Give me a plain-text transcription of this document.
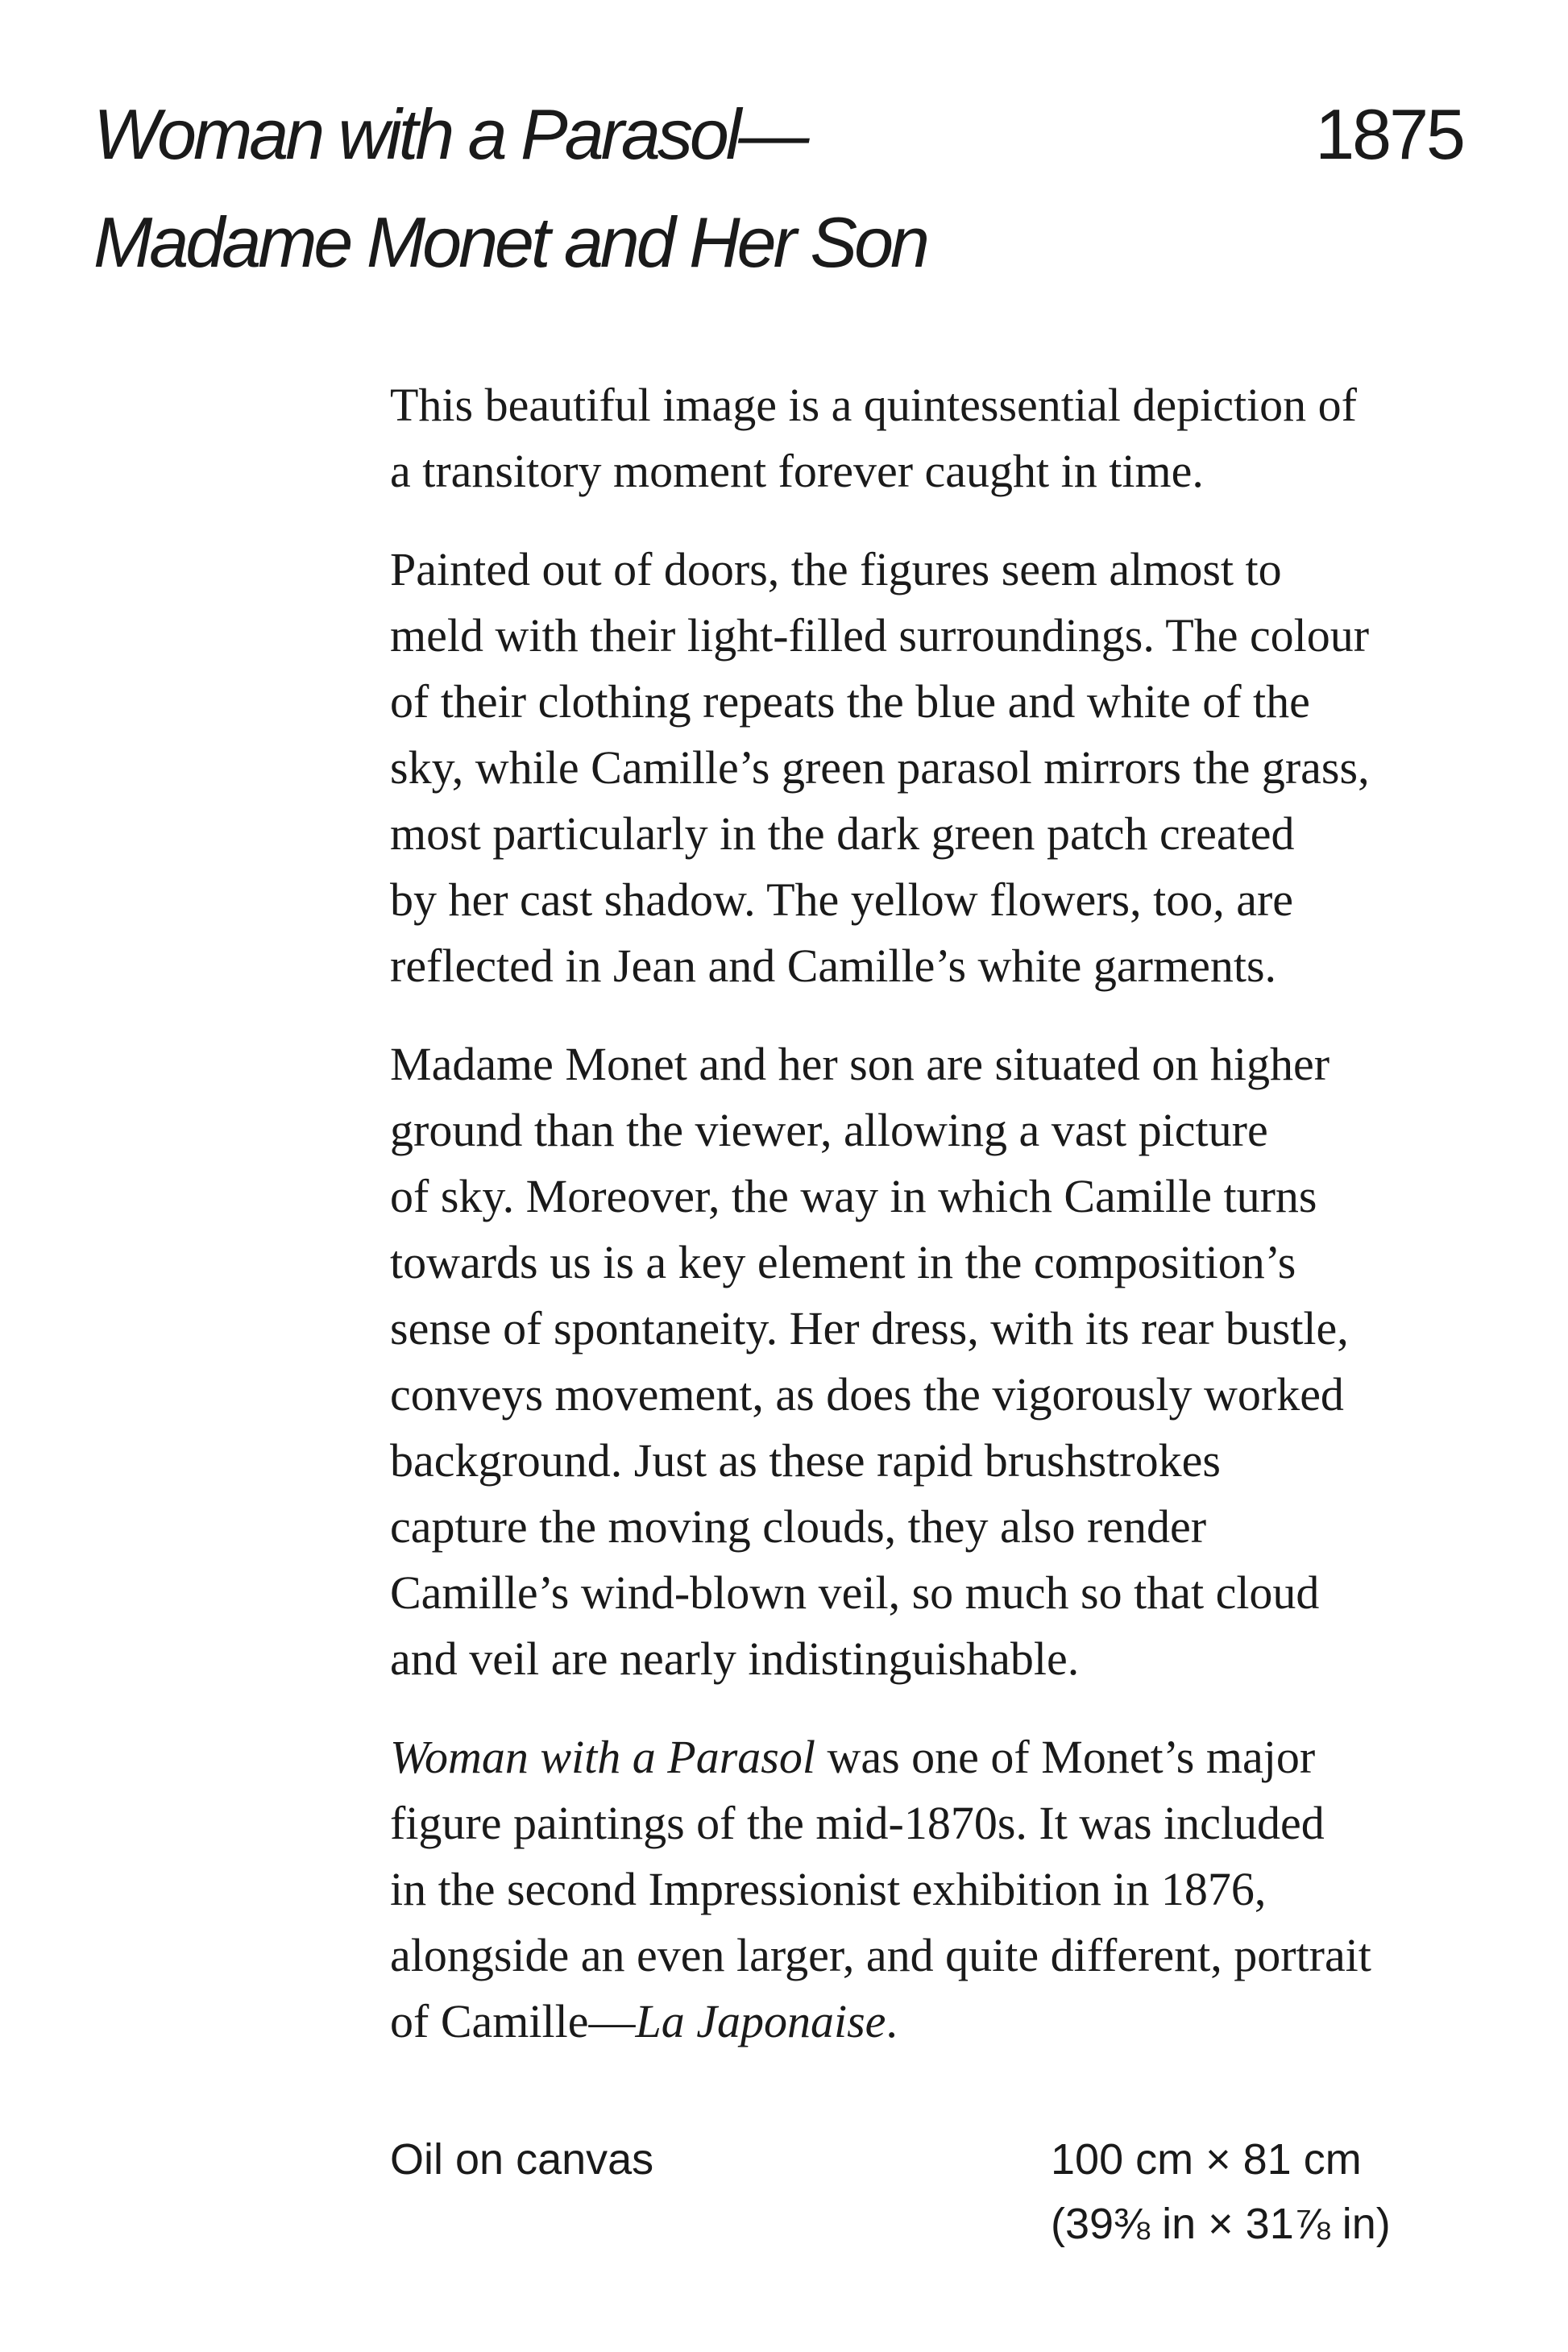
Woman with a Parasol—
Madame Monet and Her Son
1875

This beautiful image is a quintessential depiction of
a transitory moment forever caught in time.

Painted out of doors, the figures seem almost to
meld with their light-filled surroundings. The colour
of their clothing repeats the blue and white of the
sky, while Camille’s green parasol mirrors the grass,
most particularly in the dark green patch created
by her cast shadow. The yellow flowers, too, are
reflected in Jean and Camille’s white garments.

Madame Monet and her son are situated on higher
ground than the viewer, allowing a vast picture
of sky. Moreover, the way in which Camille turns
towards us is a key element in the composition’s
sense of spontaneity. Her dress, with its rear bustle,
conveys movement, as does the vigorously worked
background. Just as these rapid brushstrokes
capture the moving clouds, they also render
Camille’s wind-blown veil, so much so that cloud
and veil are nearly indistinguishable.

Woman with a Parasol was one of Monet’s major
figure paintings of the mid-1870s. It was included
in the second Impressionist exhibition in 1876,
alongside an even larger, and quite different, portrait
of Camille—La Japonaise.

Oil on canvas	100 cm × 81 cm
(39⅜ in × 31⅞ in)
